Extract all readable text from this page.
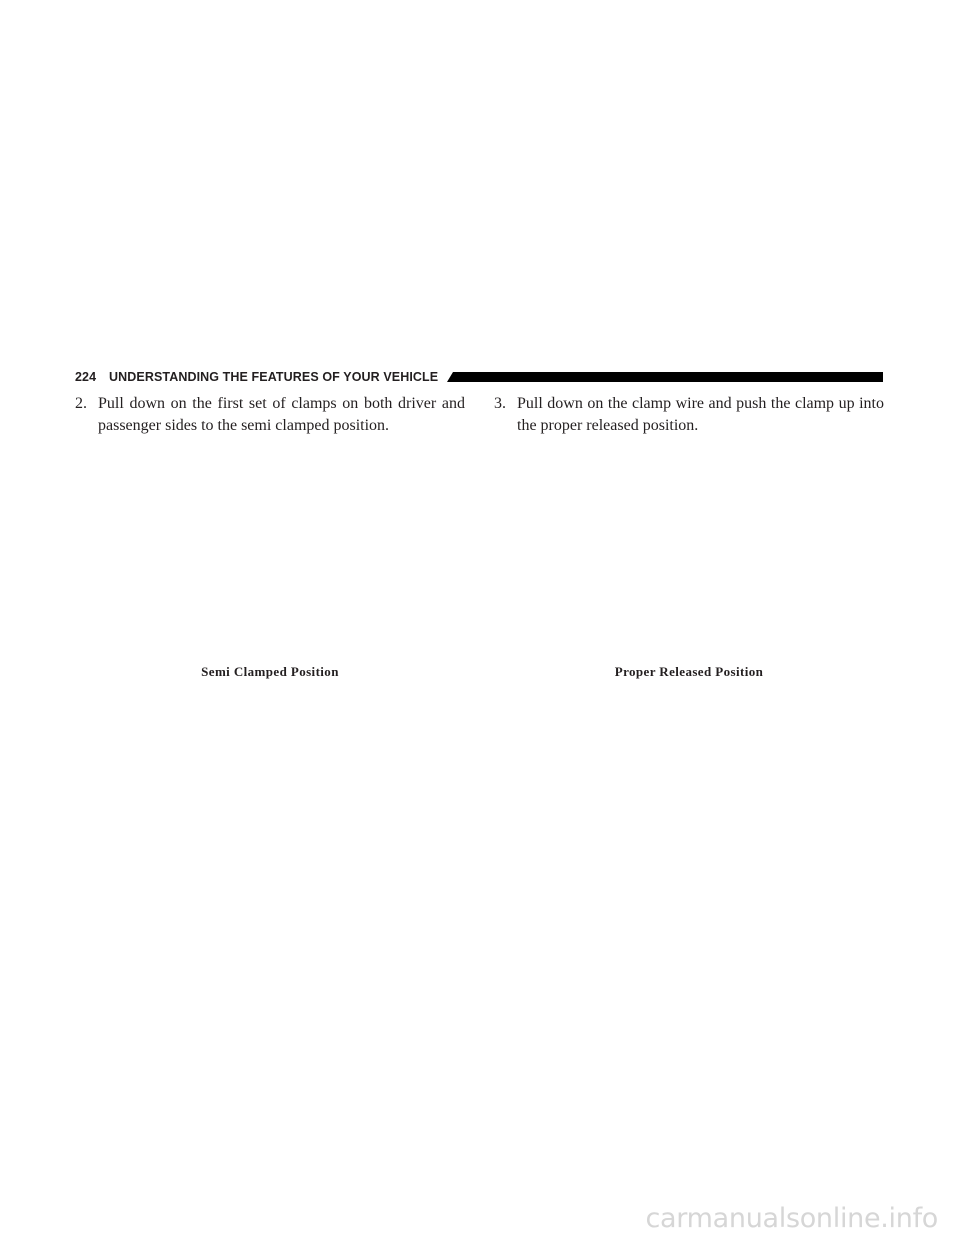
224 UNDERSTANDING THE FEATURES OF YOUR VEHICLE

2. Pull down on the first set of clamps on both driver and passenger sides to the semi clamped position.

3. Pull down on the clamp wire and push the clamp up into the proper released position.

Semi Clamped Position	Proper Released Position
carmanualsonline.info
